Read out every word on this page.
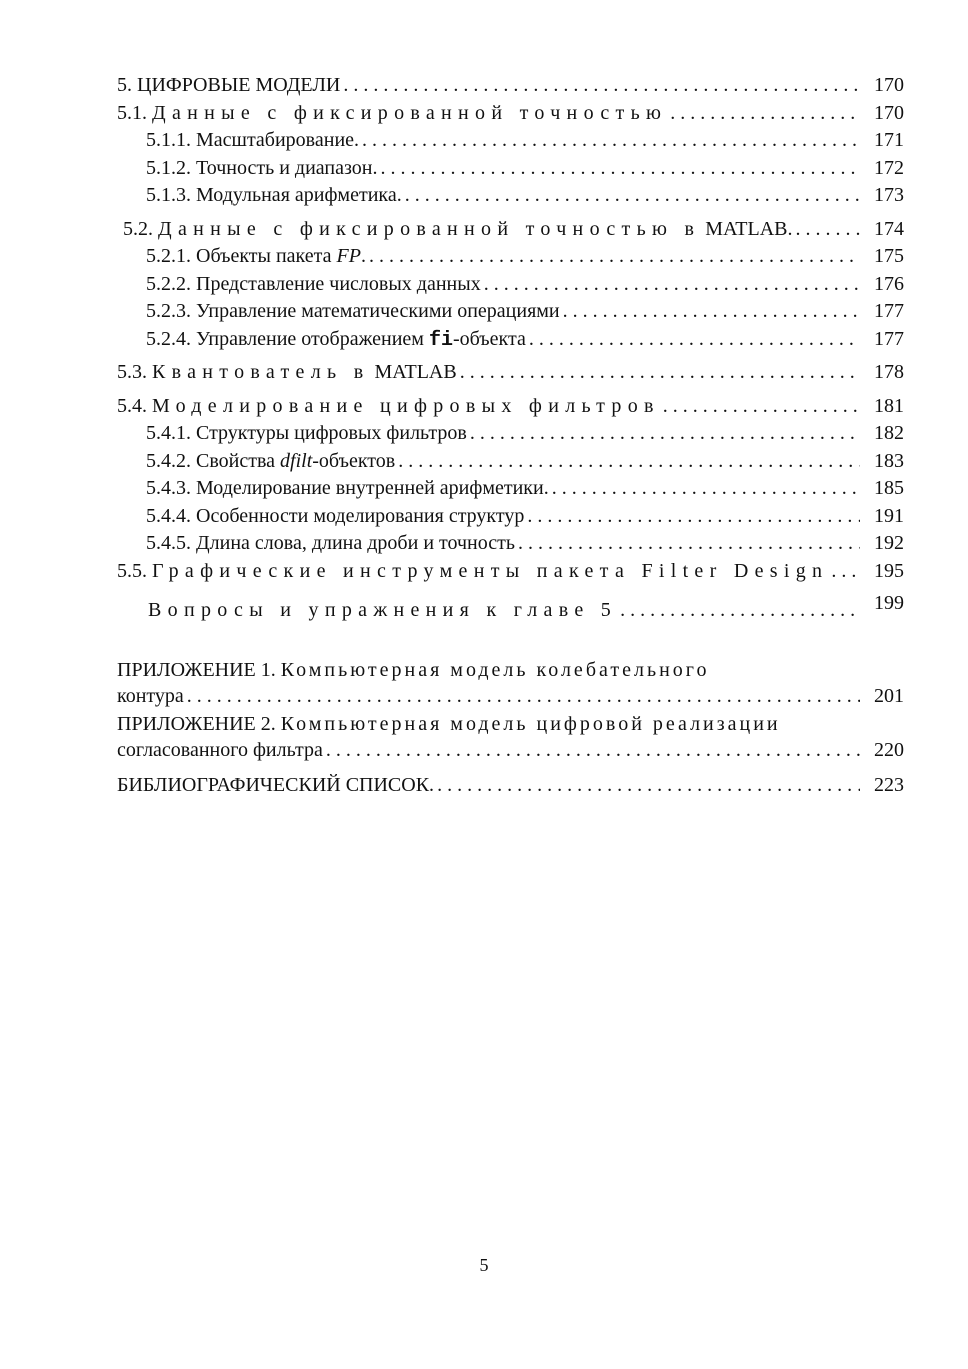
5. ЦИФРОВЫЕ МОДЕЛИ . . .	170
5.1. Данные с фиксированной точностью . . .	170
5.1.1. Масштабирование. . . .	171
5.1.2. Точность и диапазон. . . .	172
5.1.3. Модульная арифметика. . . .	173
5.2. Данные с фиксированной точностью в MATLAB. . . .	174
5.2.1. Объекты пакета FP. . . .	175
5.2.2. Представление числовых данных . . .	176
5.2.3. Управление математическими операциями . . .	177
5.2.4. Управление отображением fi-объекта . . .	177
5.3. Квантователь в MATLAB . . .	178
5.4. Моделирование цифровых фильтров . . .	181
5.4.1. Структуры цифровых фильтров . . .	182
5.4.2. Свойства dfilt-объектов . . .	183
5.4.3. Моделирование внутренней арифметики. . . .	185
5.4.4. Особенности моделирования структур . . .	191
5.4.5. Длина слова, длина дроби и точность . . .	192
5.5. Графические инструменты пакета Filter Design . . .	195
Вопросы и упражнения к главе 5 . . .	199
ПРИЛОЖЕНИЕ 1. Компьютерная модель колебательного
контура . . .	201
ПРИЛОЖЕНИЕ 2. Компьютерная модель цифровой реализации
согласованного фильтра . . .	220
БИБЛИОГРАФИЧЕСКИЙ СПИСОК. . . .	223
5
